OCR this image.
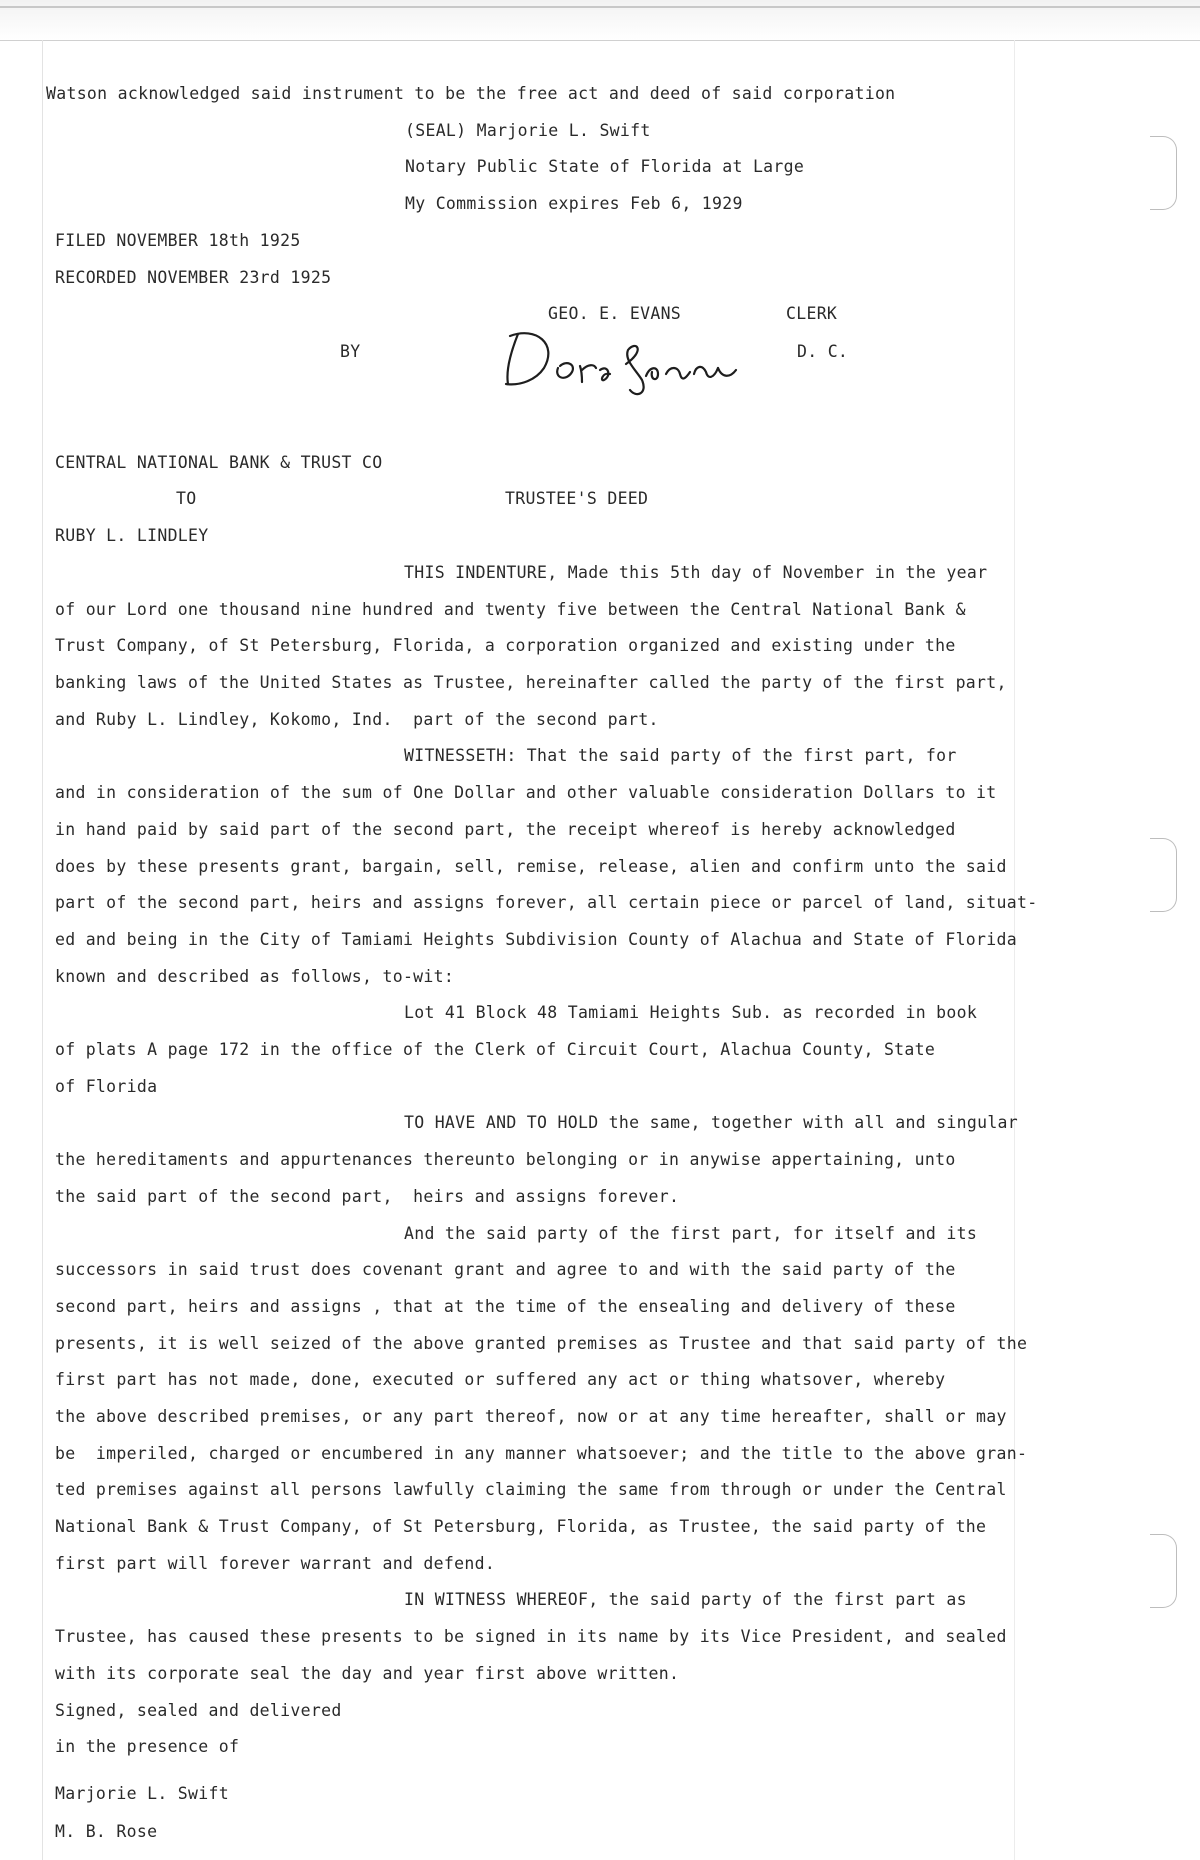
Watson acknowledged said instrument to be the free act and deed of said corporation
(SEAL) Marjorie L. Swift
Notary Public State of Florida at Large
My Commission expires Feb 6, 1929
FILED NOVEMBER 18th 1925
RECORDED NOVEMBER 23rd 1925
GEO. E. EVANS	CLERK
BY	D. C.
CENTRAL NATIONAL BANK & TRUST CO
TO	TRUSTEE'S DEED
RUBY L. LINDLEY
THIS INDENTURE, Made this 5th day of November in the year
of our Lord one thousand nine hundred and twenty five between the Central National Bank &
Trust Company, of St Petersburg, Florida, a corporation organized and existing under the
banking laws of the United States as Trustee, hereinafter called the party of the first part,
and Ruby L. Lindley, Kokomo, Ind.  part of the second part.
WITNESSETH: That the said party of the first part, for
and in consideration of the sum of One Dollar and other valuable consideration Dollars to it
in hand paid by said part of the second part, the receipt whereof is hereby acknowledged
does by these presents grant, bargain, sell, remise, release, alien and confirm unto the said
part of the second part, heirs and assigns forever, all certain piece or parcel of land, situat-
ed and being in the City of Tamiami Heights Subdivision County of Alachua and State of Florida
known and described as follows, to-wit:
Lot 41 Block 48 Tamiami Heights Sub. as recorded in book
of plats A page 172 in the office of the Clerk of Circuit Court, Alachua County, State
of Florida
TO HAVE AND TO HOLD the same, together with all and singular
the hereditaments and appurtenances thereunto belonging or in anywise appertaining, unto
the said part of the second part,  heirs and assigns forever.
And the said party of the first part, for itself and its
successors in said trust does covenant grant and agree to and with the said party of the
second part, heirs and assigns , that at the time of the ensealing and delivery of these
presents, it is well seized of the above granted premises as Trustee and that said party of the
first part has not made, done, executed or suffered any act or thing whatsover, whereby
the above described premises, or any part thereof, now or at any time hereafter, shall or may
be  imperiled, charged or encumbered in any manner whatsoever; and the title to the above gran-
ted premises against all persons lawfully claiming the same from through or under the Central
National Bank & Trust Company, of St Petersburg, Florida, as Trustee, the said party of the
first part will forever warrant and defend.
IN WITNESS WHEREOF, the said party of the first part as
Trustee, has caused these presents to be signed in its name by its Vice President, and sealed
with its corporate seal the day and year first above written.
Signed, sealed and delivered
in the presence of
Marjorie L. Swift
M. B. Rose
